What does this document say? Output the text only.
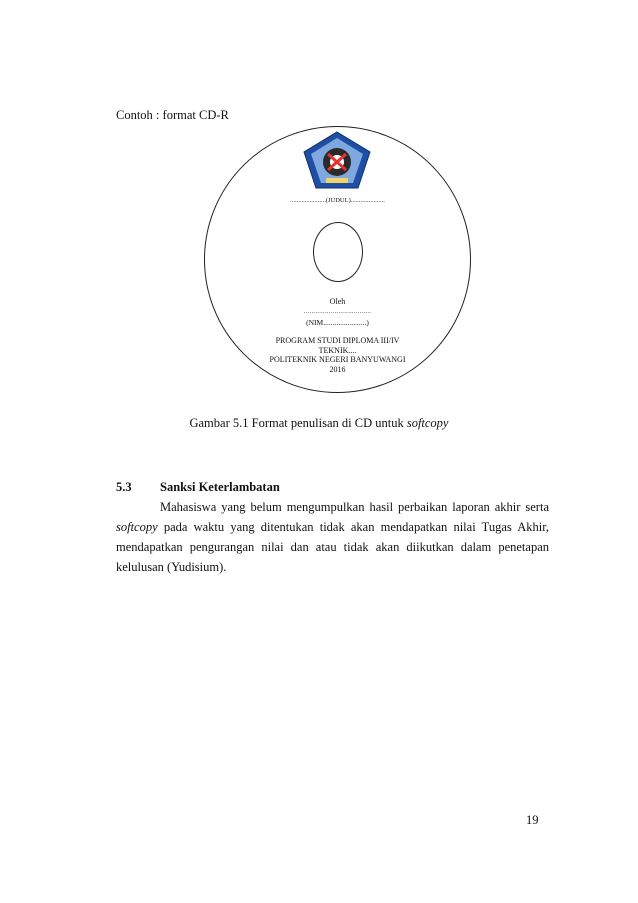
Contoh : format CD-R
......................(JUDUL).....................
Oleh
...................................
(NIM.......................)
PROGRAM STUDI DIPLOMA III/IV
TEKNIK....
POLITEKNIK NEGERI BANYUWANGI
2016
Gambar 5.1 Format penulisan di CD untuk softcopy
5.3 Sanksi Keterlambatan
Mahasiswa yang belum mengumpulkan hasil perbaikan laporan akhir serta softcopy pada waktu yang ditentukan tidak akan mendapatkan nilai Tugas Akhir, mendapatkan pengurangan nilai dan atau tidak akan diikutkan dalam penetapan kelulusan (Yudisium).
19
